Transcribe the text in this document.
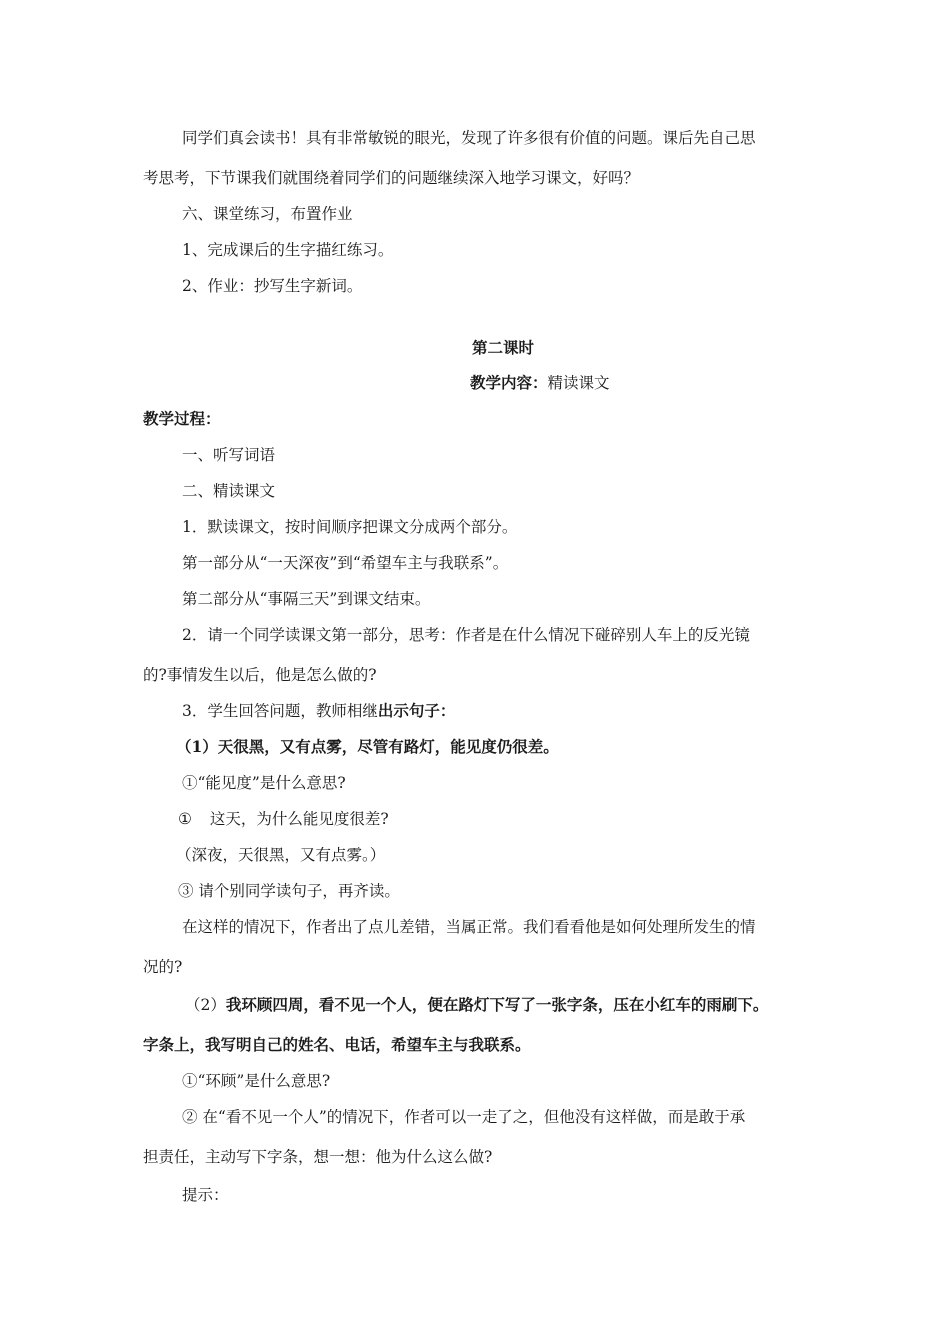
同学们真会读书！具有非常敏锐的眼光，发现了许多很有价值的问题。课后先自己思
考思考，下节课我们就围绕着同学们的问题继续深入地学习课文，好吗？
六、课堂练习，布置作业
1、完成课后的生字描红练习。
2、作业：抄写生字新词。
第二课时
教学内容：精读课文
教学过程：
一、听写词语
二、精读课文
1．默读课文，按时间顺序把课文分成两个部分。
第一部分从“一天深夜”到“希望车主与我联系”。
第二部分从“事隔三天”到课文结束。
2．请一个同学读课文第一部分，思考：作者是在什么情况下碰碎别人车上的反光镜
的?事情发生以后，他是怎么做的?
3．学生回答问题，教师相继出示句子：
（1）天很黑，又有点雾，尽管有路灯，能见度仍很差。
①“能见度”是什么意思?
① 这天，为什么能见度很差?
（深夜，天很黑，又有点雾。）
③ 请个别同学读句子，再齐读。
在这样的情况下，作者出了点儿差错，当属正常。我们看看他是如何处理所发生的情
况的?
（2）我环顾四周，看不见一个人，便在路灯下写了一张字条，压在小红车的雨刷下。
字条上，我写明自己的姓名、电话，希望车主与我联系。
①“环顾”是什么意思?
② 在“看不见一个人”的情况下，作者可以一走了之，但他没有这样做，而是敢于承
担责任，主动写下字条，想一想：他为什么这么做?
提示：
